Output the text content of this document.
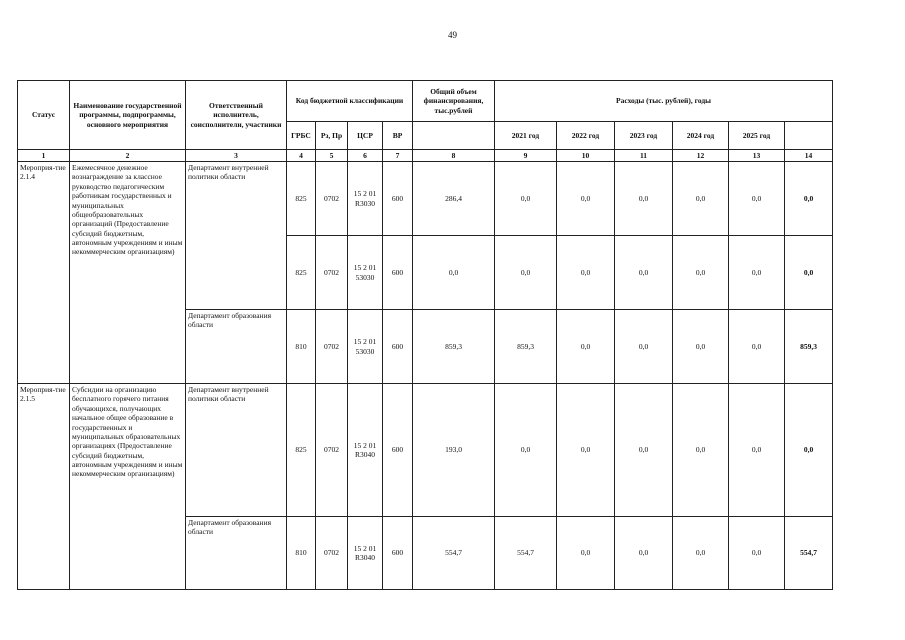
49
Статус	Наименование государственной программы, подпрограммы, основного мероприятия	Ответственный исполнитель, соисполнители, участники	Код бюджетной классификации				Общий объем финансирования, тыс.рублей	Расходы (тыс. рублей), годы	
			ГРБС	Рз, Пр	ЦСР	ВР		2021 год	2022 год	2023 год	2024 год	2025 год		
1	2	3	4	5	6	7	8	9	10	11	12	13	14	
Мероприя-тие 2.1.4	Ежемесячное денежное вознаграждение за классное руководство педагогическим работникам государственных и муниципальных общеобразовательных организаций (Предоставление субсидий бюджетным, автономным учреждениям и иным некоммерческим организациям)	Департамент внутренней политики области	825	0702	15 2 01 R3030	600	286,4	0,0	0,0	0,0	0,0	0,0	0,0	
			825	0702	15 2 01 53030	600	0,0	0,0	0,0	0,0	0,0	0,0	0,0	
		Департамент образования области	810	0702	15 2 01 53030	600	859,3	859,3	0,0	0,0	0,0	0,0	859,3	
Мероприя-тие 2.1.5	Субсидии на организацию бесплатного горячего питания обучающихся, получающих начальное общее образование в государственных и муниципальных образовательных организациях (Предоставление субсидий бюджетным, автономным учреждениям и иным некоммерческим организациям)	Департамент внутренней политики области	825	0702	15 2 01 R3040	600	193,0	0,0	0,0	0,0	0,0	0,0	0,0	
		Департамент образования области	810	0702	15 2 01 R3040	600	554,7	554,7	0,0	0,0	0,0	0,0	554,7	
